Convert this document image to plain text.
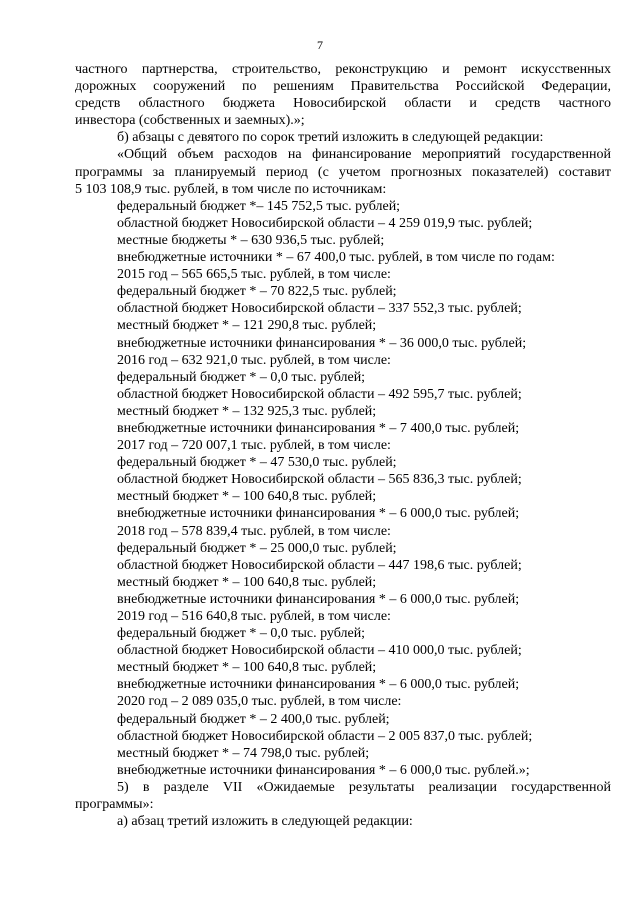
7
частного партнерства, строительство, реконструкцию и ремонт искусственных
дорожных сооружений по решениям Правительства Российской Федерации,
средств областного бюджета Новосибирской области и средств частного
инвестора (собственных и заемных).»;
б) абзацы с девятого по сорок третий изложить в следующей редакции:
«Общий объем расходов на финансирование мероприятий государственной
программы за планируемый период (с учетом прогнозных показателей) составит
5 103 108,9 тыс. рублей, в том числе по источникам:
федеральный бюджет *– 145 752,5 тыс. рублей;
областной бюджет Новосибирской области – 4 259 019,9 тыс. рублей;
местные бюджеты * – 630 936,5 тыс. рублей;
внебюджетные источники * – 67 400,0 тыс. рублей, в том числе по годам:
2015 год – 565 665,5 тыс. рублей, в том числе:
федеральный бюджет * – 70 822,5 тыс. рублей;
областной бюджет Новосибирской области – 337 552,3 тыс. рублей;
местный бюджет * – 121 290,8 тыс. рублей;
внебюджетные источники финансирования * – 36 000,0 тыс. рублей;
2016 год – 632 921,0 тыс. рублей, в том числе:
федеральный бюджет * – 0,0 тыс. рублей;
областной бюджет Новосибирской области – 492 595,7 тыс. рублей;
местный бюджет * – 132 925,3 тыс. рублей;
внебюджетные источники финансирования * – 7 400,0 тыс. рублей;
2017 год – 720 007,1 тыс. рублей, в том числе:
федеральный бюджет * – 47 530,0 тыс. рублей;
областной бюджет Новосибирской области – 565 836,3 тыс. рублей;
местный бюджет * – 100 640,8 тыс. рублей;
внебюджетные источники финансирования * – 6 000,0 тыс. рублей;
2018 год – 578 839,4 тыс. рублей, в том числе:
федеральный бюджет * – 25 000,0 тыс. рублей;
областной бюджет Новосибирской области – 447 198,6 тыс. рублей;
местный бюджет * – 100 640,8 тыс. рублей;
внебюджетные источники финансирования * – 6 000,0 тыс. рублей;
2019 год – 516 640,8 тыс. рублей, в том числе:
федеральный бюджет * – 0,0 тыс. рублей;
областной бюджет Новосибирской области – 410 000,0 тыс. рублей;
местный бюджет * – 100 640,8 тыс. рублей;
внебюджетные источники финансирования * – 6 000,0 тыс. рублей;
2020 год – 2 089 035,0 тыс. рублей, в том числе:
федеральный бюджет * – 2 400,0 тыс. рублей;
областной бюджет Новосибирской области – 2 005 837,0 тыс. рублей;
местный бюджет * – 74 798,0 тыс. рублей;
внебюджетные источники финансирования * – 6 000,0 тыс. рублей.»;
5) в разделе VII «Ожидаемые результаты реализации государственной
программы»:
а) абзац третий изложить в следующей редакции:
